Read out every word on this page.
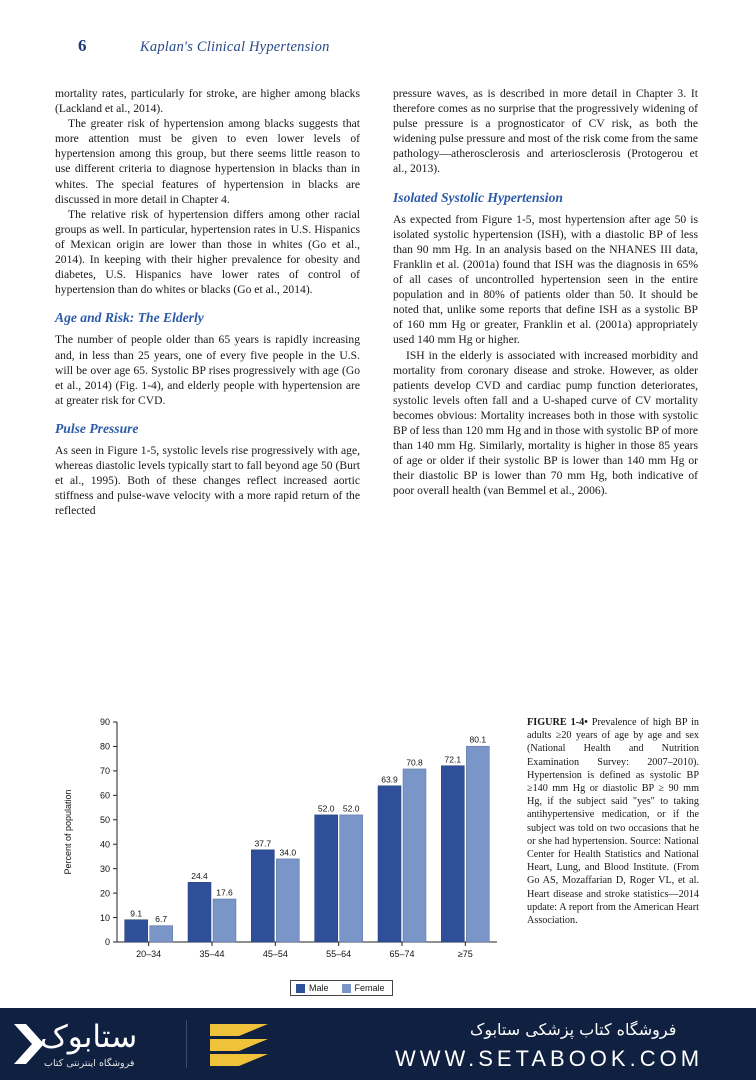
6	Kaplan's Clinical Hypertension

mortality rates, particularly for stroke, are higher among blacks (Lackland et al., 2014).

The greater risk of hypertension among blacks suggests that more attention must be given to even lower levels of hypertension among this group, but there seems little reason to use different criteria to diagnose hypertension in blacks than in whites. The special features of hypertension in blacks are discussed in more detail in Chapter 4.

The relative risk of hypertension differs among other racial groups as well. In particular, hypertension rates in U.S. Hispanics of Mexican origin are lower than those in whites (Go et al., 2014). In keeping with their higher prevalence for obesity and diabetes, U.S. Hispanics have lower rates of control of hypertension than do whites or blacks (Go et al., 2014).

Age and Risk: The Elderly

The number of people older than 65 years is rapidly increasing and, in less than 25 years, one of every five people in the U.S. will be over age 65. Systolic BP rises progressively with age (Go et al., 2014) (Fig. 1-4), and elderly people with hypertension are at greater risk for CVD.

Pulse Pressure

As seen in Figure 1-5, systolic levels rise progressively with age, whereas diastolic levels typically start to fall beyond age 50 (Burt et al., 1995). Both of these changes reflect increased aortic stiffness and pulse-wave velocity with a more rapid return of the reflected

pressure waves, as is described in more detail in Chapter 3. It therefore comes as no surprise that the progressively widening of pulse pressure is a prognosticator of CV risk, as both the widening pulse pressure and most of the risk come from the same pathology—atherosclerosis and arteriosclerosis (Protogerou et al., 2013).

Isolated Systolic Hypertension

As expected from Figure 1-5, most hypertension after age 50 is isolated systolic hypertension (ISH), with a diastolic BP of less than 90 mm Hg. In an analysis based on the NHANES III data, Franklin et al. (2001a) found that ISH was the diagnosis in 65% of all cases of uncontrolled hypertension seen in the entire population and in 80% of patients older than 50. It should be noted that, unlike some reports that define ISH as a systolic BP of 160 mm Hg or greater, Franklin et al. (2001a) appropriately used 140 mm Hg or higher.

ISH in the elderly is associated with increased morbidity and mortality from coronary disease and stroke. However, as older patients develop CVD and cardiac pump function deteriorates, systolic levels often fall and a U-shaped curve of CV mortality becomes obvious: Mortality increases both in those with systolic BP of less than 120 mm Hg and in those with systolic BP of more than 140 mm Hg. Similarly, mortality is higher in those 85 years of age or older if their systolic BP is lower than 140 mm Hg or their diastolic BP is lower than 70 mm Hg, both indicative of poor overall health (van Bemmel et al., 2006).

0
10
20
30
40
50
60
70
80
90
Percent of population
9.1
6.7
20–34
24.4
17.6
35–44
37.7
34.0
45–54
52.0 52.0
55–64
63.9
70.8
65–74
72.1
80.1
≥75
Male	Female
FIGURE 1-4• Prevalence of high BP in adults ≥20 years of age by age and sex (National Health and Nutrition Examination Survey: 2007–2010). Hypertension is defined as systolic BP ≥140 mm Hg or diastolic BP ≥ 90 mm Hg, if the subject said "yes" to taking antihypertensive medication, or if the subject was told on two occasions that he or she had hypertension. Source: National Center for Health Statistics and National Heart, Lung, and Blood Institute. (From Go AS, Mozaffarian D, Roger VL, et al. Heart disease and stroke statistics—2014 update: A report from the American Heart Association.
ستابوک
فروشگاه اینترنتی کتاب
فروشگاه کتاب پزشکی ستابوک
WWW.SETABOOK.COM
